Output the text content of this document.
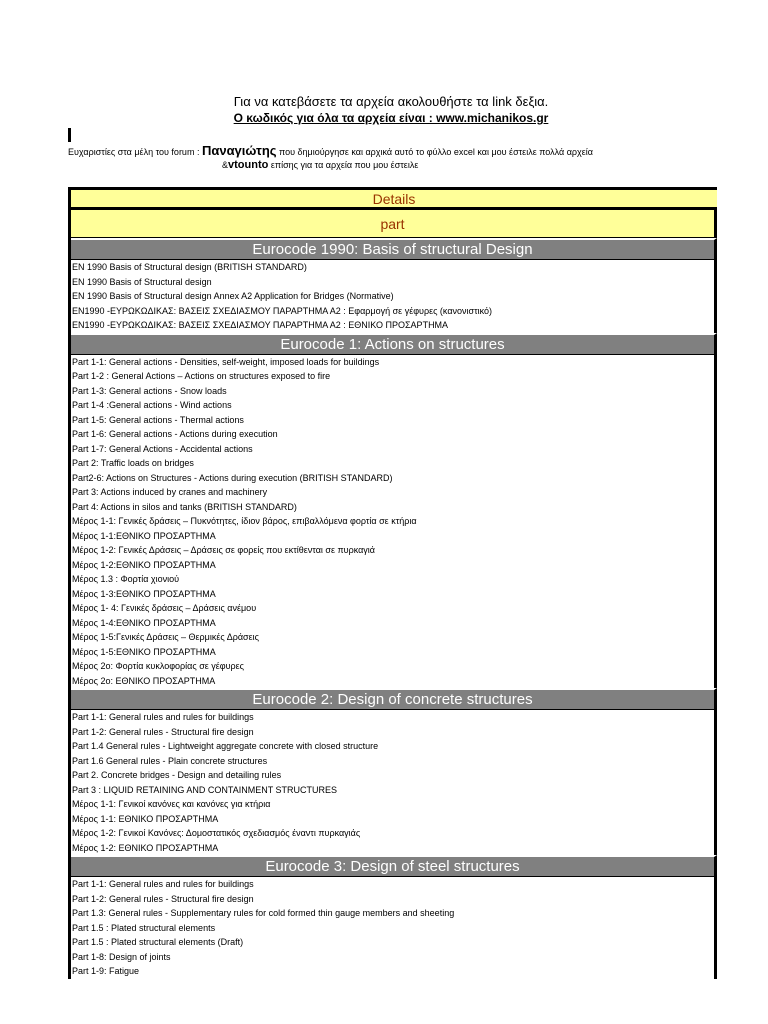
Για να κατεβάσετε τα αρχεία ακολουθήστε τα link δεξια.
Ο κωδικός για όλα τα αρχεία είναι : www.michanikos.gr
Ευχαριστίες στα μέλη του forum : Παναγιώτης που δημιούργησε και αρχικά αυτό το φύλλο excel και μου έστειλε πολλά αρχεία
&vtounto επίσης για τα αρχεία που μου έστειλε
Details
part
Eurocode 1990: Basis of structural Design
EN 1990 Basis of Structural design (BRITISH STANDARD)
EN 1990 Basis of Structural design
EN 1990 Basis of Structural design Annex A2 Application for Bridges (Normative)
EN1990 -ΕΥΡΩΚΩΔΙΚΑΣ: ΒΑΣΕΙΣ ΣΧΕΔΙΑΣΜΟΥ ΠΑΡΑΡΤΗΜΑ Α2 : Εφαρμογή σε γέφυρες (κανονιστικό)
EN1990 -ΕΥΡΩΚΩΔΙΚΑΣ: ΒΑΣΕΙΣ ΣΧΕΔΙΑΣΜΟΥ ΠΑΡΑΡΤΗΜΑ Α2 : ΕΘΝΙΚΟ ΠΡΟΣΑΡΤΗΜΑ
Eurocode 1: Actions on structures
Part 1-1: General actions - Densities, self-weight, imposed loads for buildings
Part 1-2 : General Actions – Actions on structures exposed to fire
Part 1-3: General actions - Snow loads
Part 1-4 :General actions - Wind actions
Part 1-5: General actions - Thermal actions
Part 1-6: General actions - Actions during execution
Part 1-7: General Actions - Accidental actions
Part 2: Traffic loads on bridges
Part2-6: Actions on Structures - Actions during execution (BRITISH STANDARD)
Part 3: Actions induced by cranes and machinery
Part 4: Actions in silos and tanks (BRITISH STANDARD)
Μέρος 1-1: Γενικές δράσεις – Πυκνότητες, ίδιον βάρος, επιβαλλόμενα φορτία σε κτήρια
Μέρος 1-1:ΕΘΝΙΚΟ ΠΡΟΣΑΡΤΗΜΑ
Μέρος 1-2: Γενικές Δράσεις – Δράσεις σε φορείς που εκτίθενται σε πυρκαγιά
Μέρος 1-2:ΕΘΝΙΚΟ ΠΡΟΣΑΡΤΗΜΑ
Μέρος 1.3 : Φορτία χιονιού
Μέρος 1-3:ΕΘΝΙΚΟ ΠΡΟΣΑΡΤΗΜΑ
Μέρος 1- 4: Γενικές δράσεις – Δράσεις ανέμου
Μέρος 1-4:ΕΘΝΙΚΟ ΠΡΟΣΑΡΤΗΜΑ
Μέρος 1-5:Γενικές Δράσεις – Θερμικές Δράσεις
Μέρος 1-5:ΕΘΝΙΚΟ ΠΡΟΣΑΡΤΗΜΑ
Μέρος 2ο: Φορτία κυκλοφορίας σε γέφυρες
Μέρος 2ο: ΕΘΝΙΚΟ ΠΡΟΣΑΡΤΗΜΑ
Eurocode 2: Design of concrete structures
Part 1-1: General rules and rules for buildings
Part 1-2: General rules - Structural fire design
Part 1.4 General rules - Lightweight aggregate concrete with closed structure
Part 1.6 General rules - Plain concrete structures
Part 2. Concrete bridges - Design and detailing rules
Part 3 : LIQUID RETAINING AND CONTAINMENT STRUCTURES
Μέρος 1-1: Γενικοί κανόνες και κανόνες για κτήρια
Μέρος 1-1: ΕΘΝΙΚΟ ΠΡΟΣΑΡΤΗΜΑ
Μέρος 1-2: Γενικοί Κανόνες: Δομοστατικός σχεδιασμός έναντι πυρκαγιάς
Μέρος 1-2: ΕΘΝΙΚΟ ΠΡΟΣΑΡΤΗΜΑ
Eurocode 3: Design of steel structures
Part 1-1: General rules and rules for buildings
Part 1-2: General rules - Structural fire design
Part 1.3: General rules - Supplementary rules for cold formed thin gauge members and sheeting
Part 1.5 : Plated structural elements
Part 1.5 : Plated structural elements (Draft)
Part 1-8: Design of joints
Part 1-9: Fatigue
